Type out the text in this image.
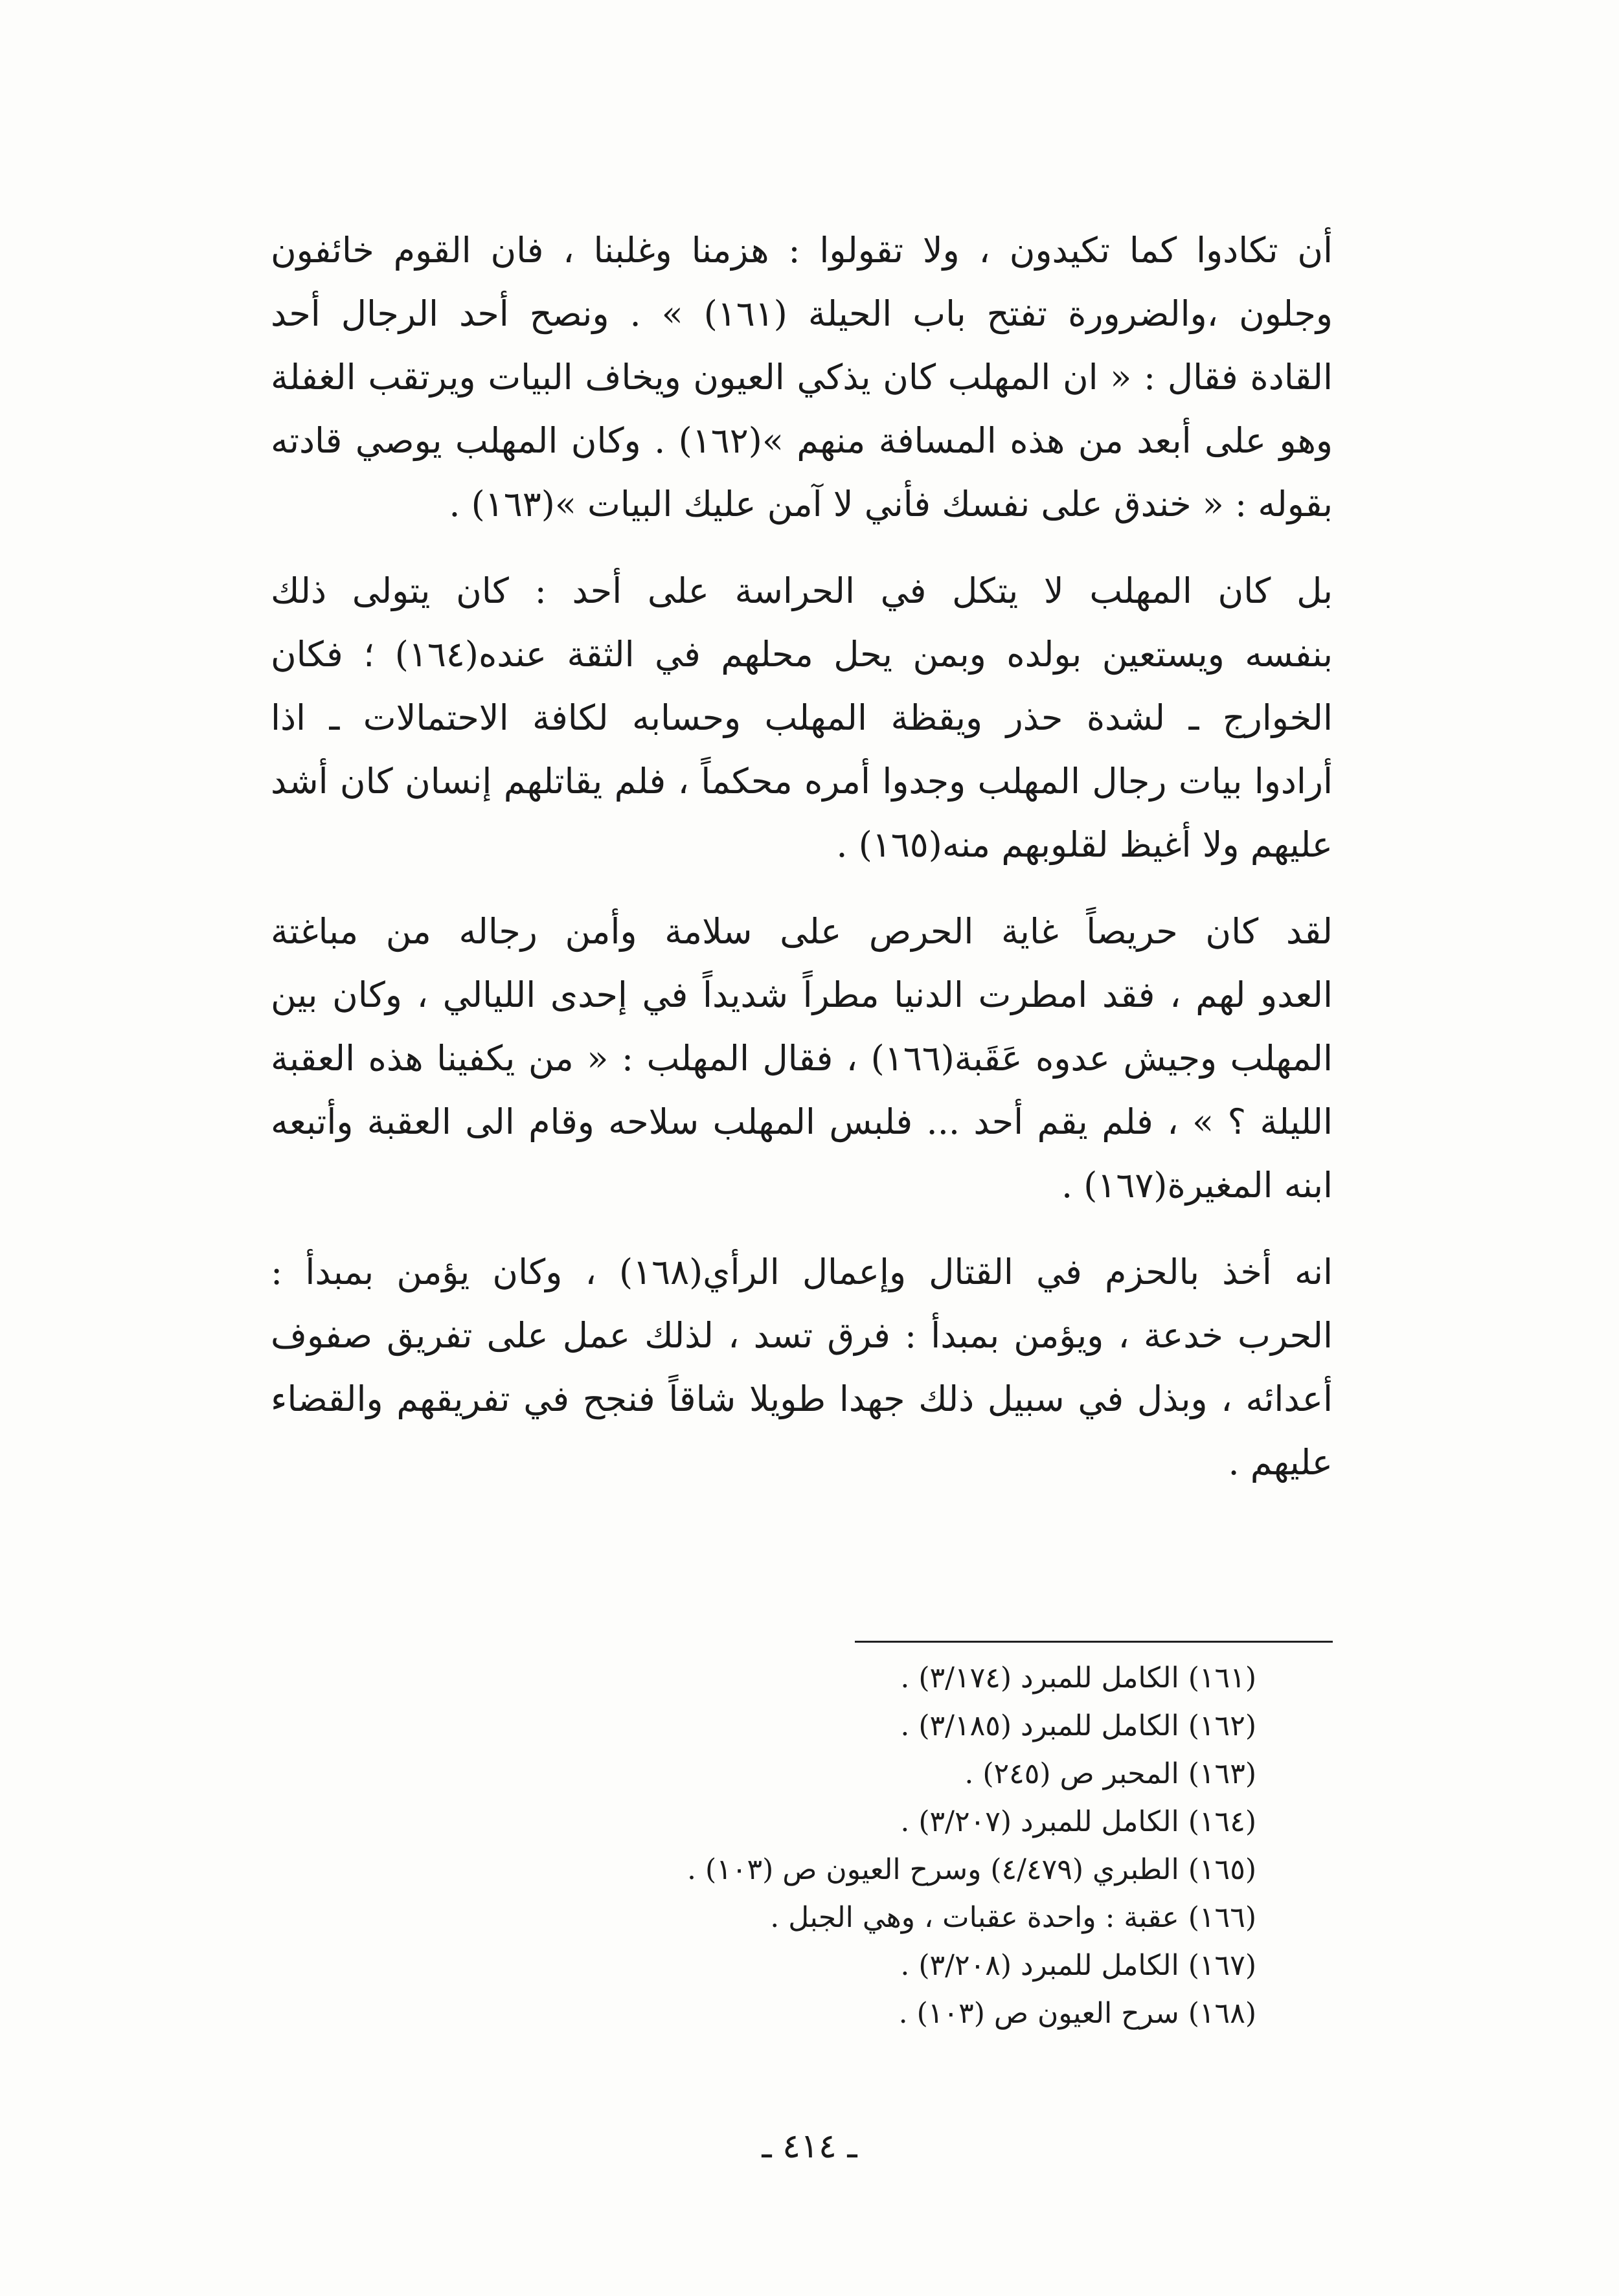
أن تكادوا كما تكيدون ، ولا تقولوا : هزمنا وغلبنا ، فان القوم خائفون
وجلون ،والضرورة تفتح باب الحيلة (١٦١) » . ونصح أحد الرجال أحد
القادة فقال : « ان المهلب كان يذكي العيون ويخاف البيات ويرتقب الغفلة
وهو على أبعد من هذه المسافة منهم »(١٦٢) . وكان المهلب يوصي قادته
بقوله : « خندق على نفسك فأني لا آمن عليك البيات »(١٦٣) .

بل كان المهلب لا يتكل في الحراسة على أحد : كان يتولى ذلك
بنفسه ويستعين بولده وبمن يحل محلهم في الثقة عنده(١٦٤) ؛ فكان
الخوارج ـ لشدة حذر ويقظة المهلب وحسابه لكافة الاحتمالات ـ اذا
أرادوا بيات رجال المهلب وجدوا أمره محكماً ، فلم يقاتلهم إنسان كان أشد
عليهم ولا أغيظ لقلوبهم منه(١٦٥) .

لقد كان حريصاً غاية الحرص على سلامة وأمن رجاله من مباغتة
العدو لهم ، فقد امطرت الدنيا مطراً شديداً في إحدى الليالي ، وكان بين
المهلب وجيش عدوه عَقَبة(١٦٦) ، فقال المهلب : « من يكفينا هذه العقبة
الليلة ؟ » ، فلم يقم أحد ... فلبس المهلب سلاحه وقام الى العقبة وأتبعه
ابنه المغيرة(١٦٧) .

انه أخذ بالحزم في القتال وإعمال الرأي(١٦٨) ، وكان يؤمن بمبدأ :
الحرب خدعة ، ويؤمن بمبدأ : فرق تسد ، لذلك عمل على تفريق صفوف
أعدائه ، وبذل في سبيل ذلك جهدا طويلا شاقاً فنجح في تفريقهم والقضاء
عليهم .

(١٦١) الكامل للمبرد (٣/١٧٤) .
(١٦٢) الكامل للمبرد (٣/١٨٥) .
(١٦٣) المحبر ص (٢٤٥) .
(١٦٤) الكامل للمبرد (٣/٢٠٧) .
(١٦٥) الطبري (٤/٤٧٩) وسرح العيون ص (١٠٣) .
(١٦٦) عقبة : واحدة عقبات ، وهي الجبل .
(١٦٧) الكامل للمبرد (٣/٢٠٨) .
(١٦٨) سرح العيون ص (١٠٣) .
ـ ٤١٤ ـ
